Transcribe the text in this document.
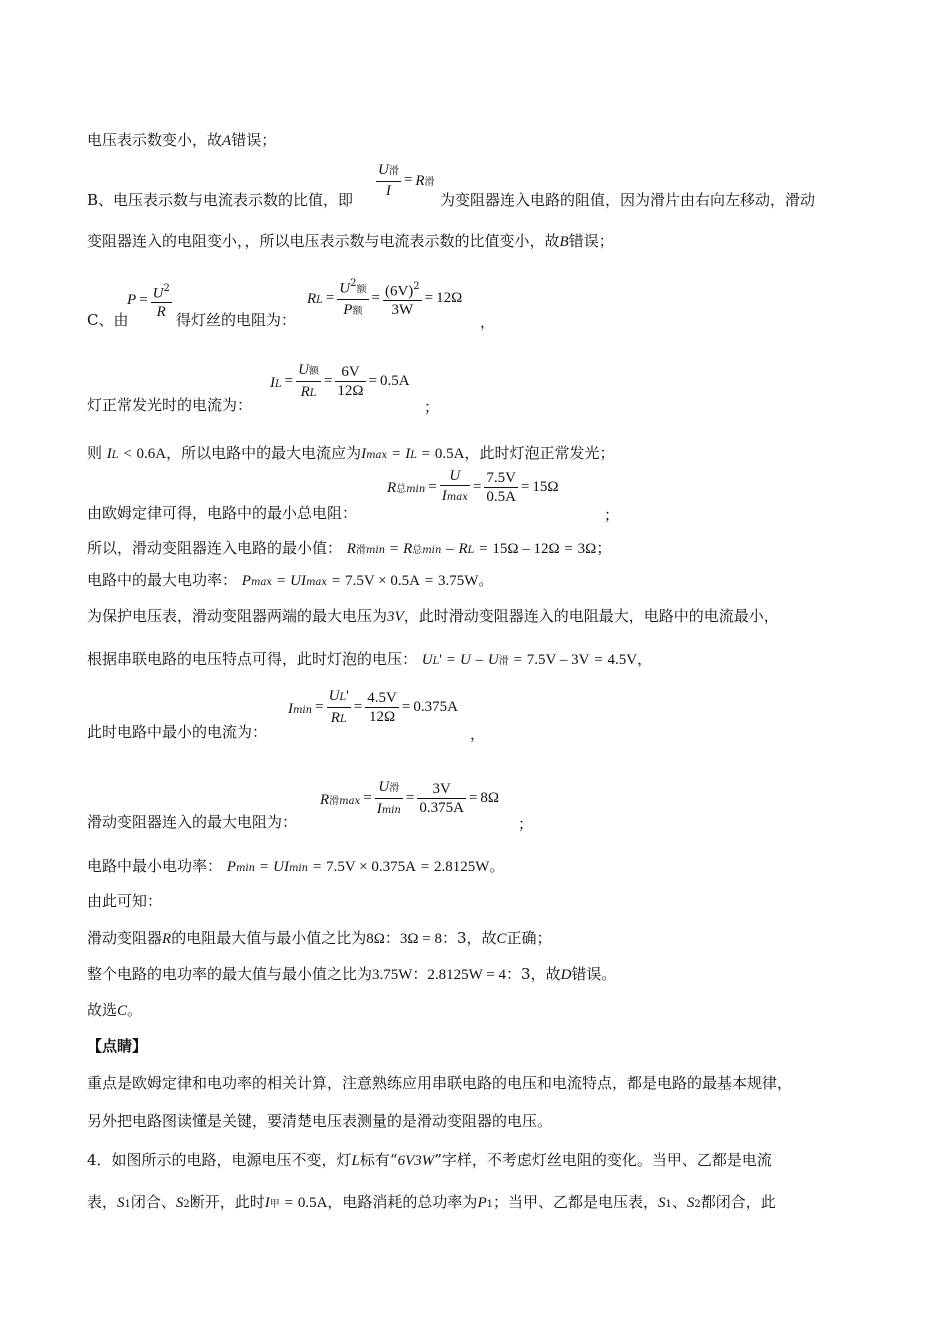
电压表示数变小，故A错误；
B、电压表示数与电流表示数的比值，即 $\frac{\text{U滑}}{I} = R$滑
为变阻器连入电路的阻值，因为滑片由右向左移动，滑动
变阻器连入的电阻变小，，所以电压表示数与电流表示数的比值变小，故B错误；
C、由
$P = \frac{U^2}{R}$ 得灯丝的电阻为：
RL = $\frac{U^2额}{\text{P额}} = \frac{(6V)^2}{3W} = 12\Omega$
，
灯正常发光时的电流为：
IL = $\frac{\text{U额}}{RL} = \frac{6V}{12\Omega} = 0.5A$
；
则 IL < 0.6A，所以电路中的最大电流应为Imax = IL = 0.5A，此时灯泡正常发光；
由欧姆定律可得，电路中的最小总电阻：
R总$\min = \frac{U}{Imax} = \frac{7.5V}{0.5A} = 15\Omega$
；
所以，滑动变阻器连入电路的最小值： R滑min = R总min – RL = 15Ω – 12Ω = 3Ω；
电路中的最大电功率： Pmax = UImax = 7.5V × 0.5A = 3.75W。
为保护电压表，滑动变阻器两端的最大电压为3V，此时滑动变阻器连入的电阻最大，电路中的电流最小，
根据串联电路的电压特点可得，此时灯泡的电压： UL' = U – U滑 = 7.5V – 3V = 4.5V，
此时电路中最小的电流为：
$Imin = \frac{UL'}{RL} = \frac{4.5V}{12\Omega} = 0.375A$
，
滑动变阻器连入的最大电阻为：
R滑$\max = \frac{\text{U滑}}{Imin} = \frac{3V}{0.375A} = 8\Omega$
；
电路中最小电功率： Pmin = UImin = 7.5V × 0.375A = 2.8125W。
由此可知：
滑动变阻器R的电阻最大值与最小值之比为8Ω：3Ω = 8：3，故C正确；
整个电路的电功率的最大值与最小值之比为3.75W：2.8125W = 4：3，故D错误。
故选C。
【点睛】
重点是欧姆定律和电功率的相关计算，注意熟练应用串联电路的电压和电流特点，都是电路的最基本规律，
另外把电路图读懂是关键，要清楚电压表测量的是滑动变阻器的电压。
4．如图所示的电路，电源电压不变，灯L标有“6V3W”字样，不考虑灯丝电阻的变化。当甲、乙都是电流
表，S1闭合、S2断开，此时I甲 = 0.5A，电路消耗的总功率为P1；当甲、乙都是电压表，S1、S2都闭合，此
